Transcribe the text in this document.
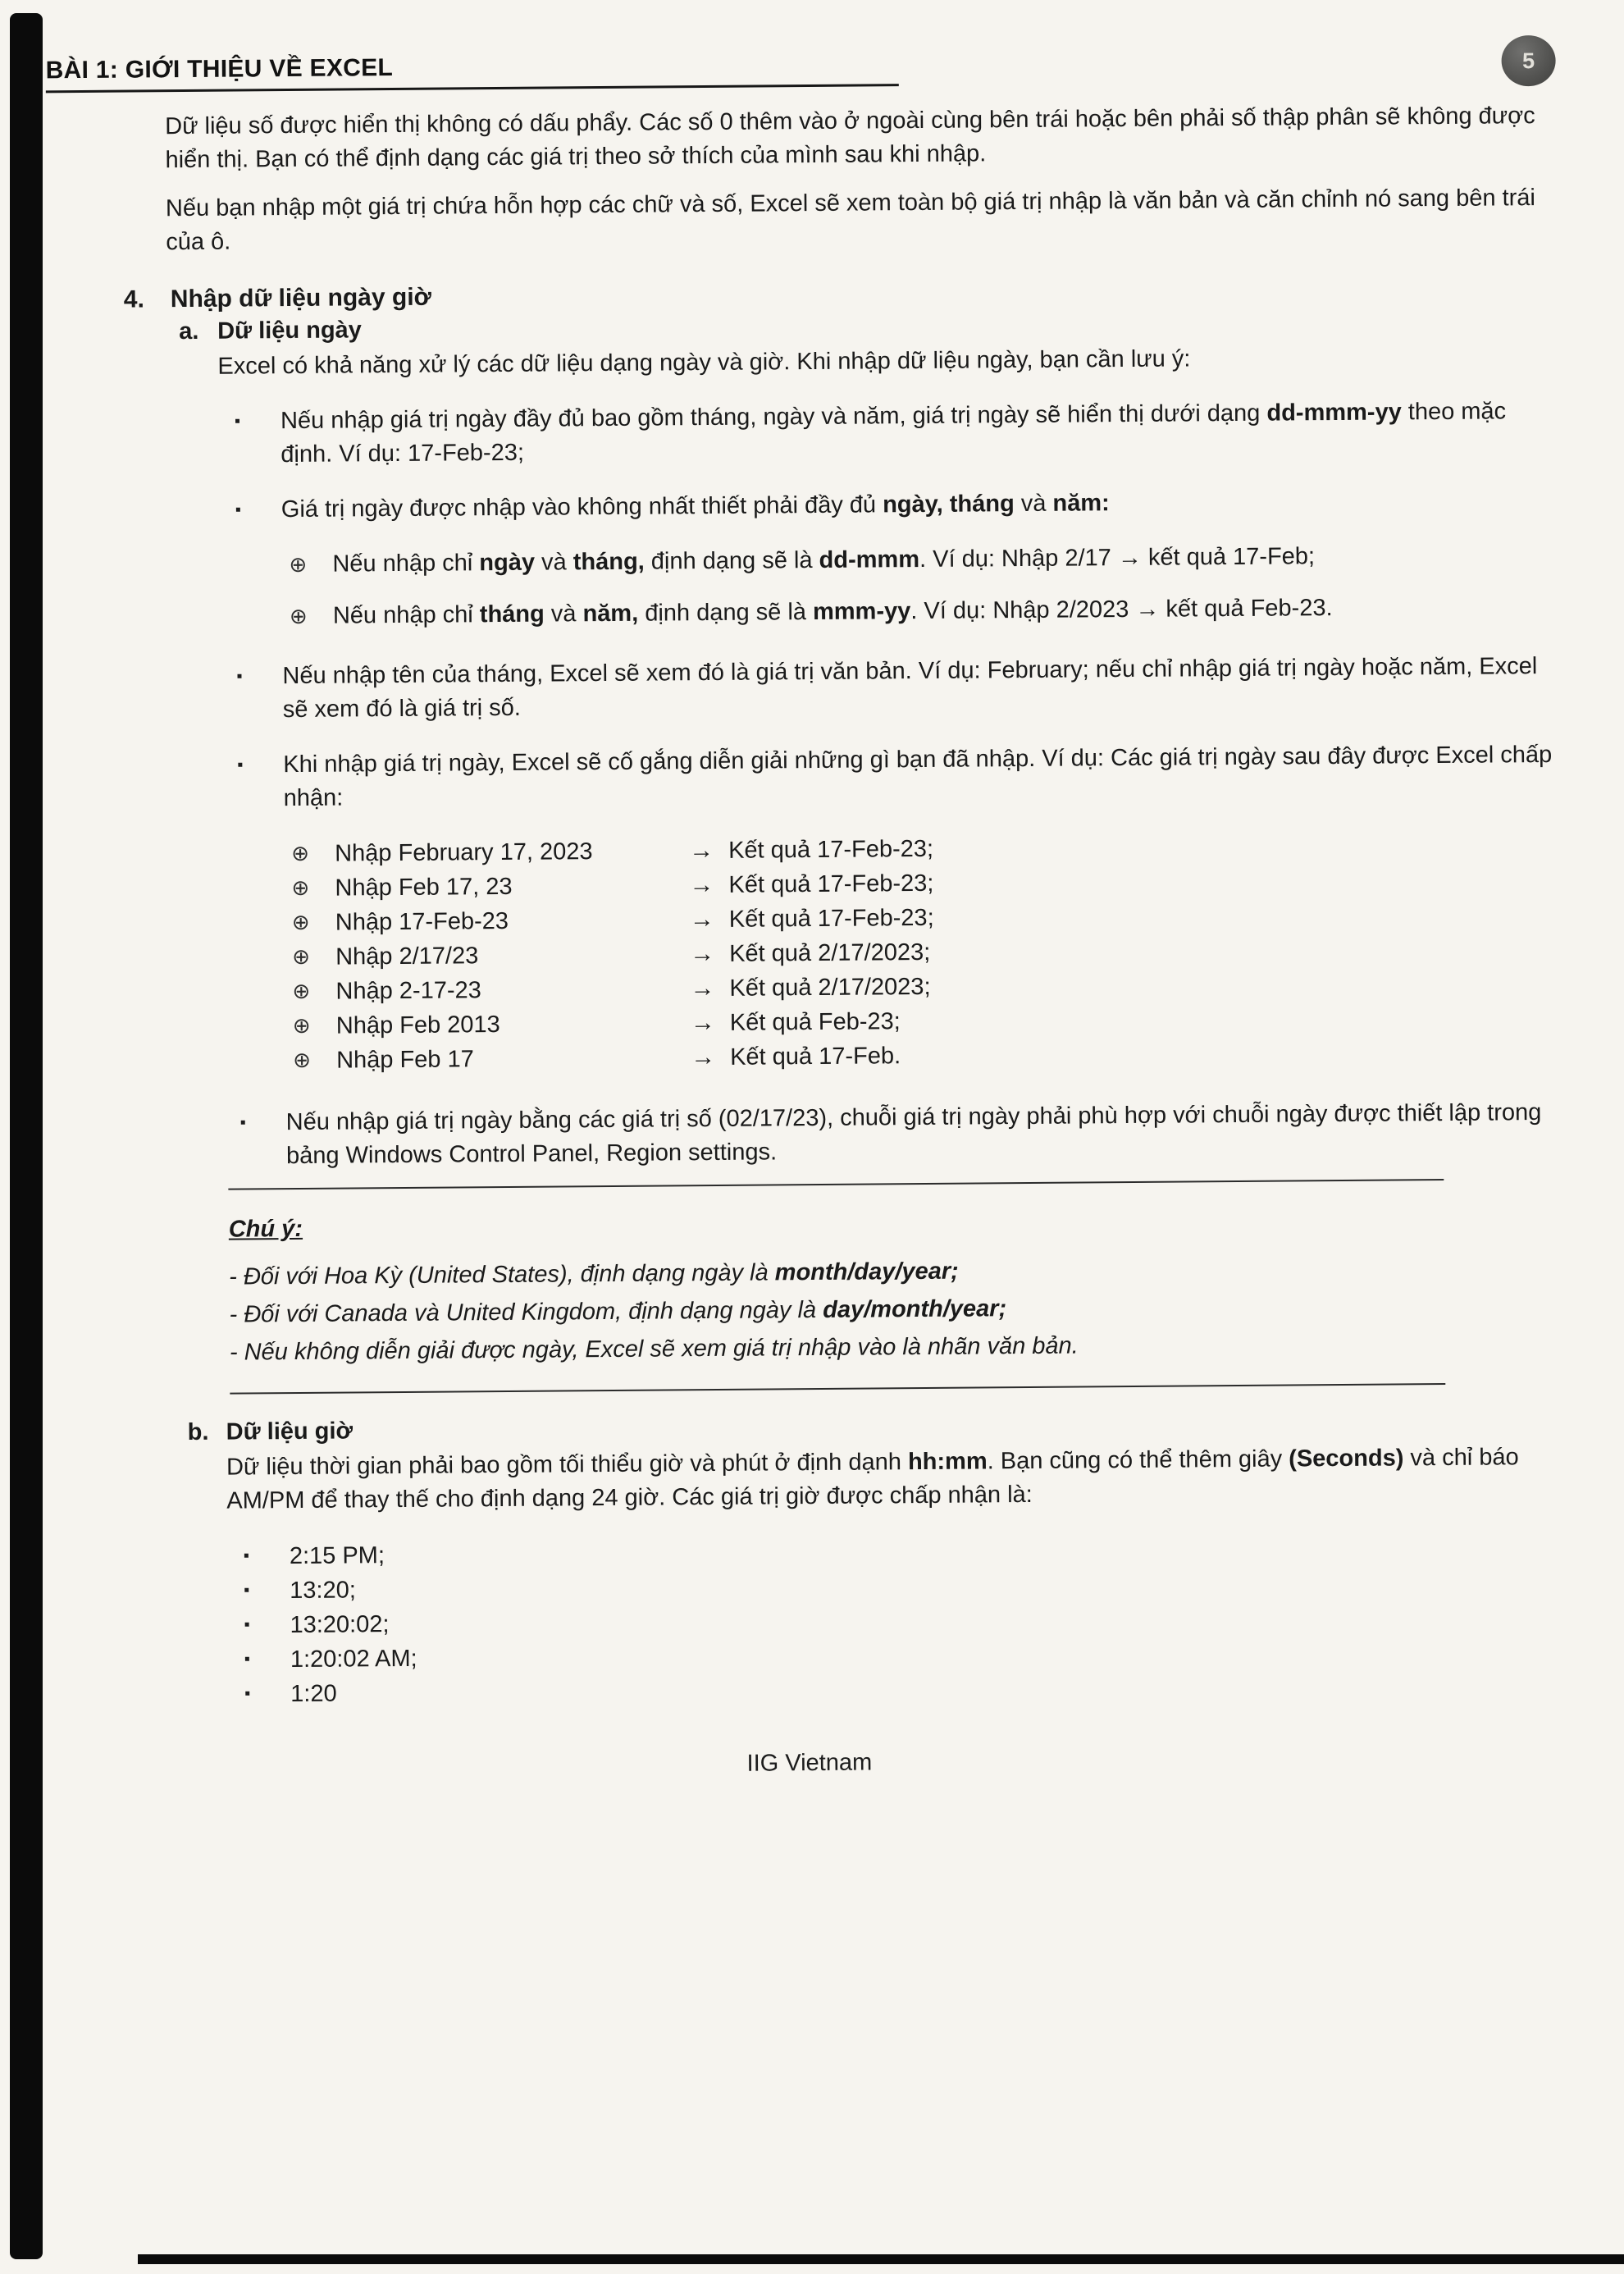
5
BÀI 1: GIỚI THIỆU VỀ EXCEL

Dữ liệu số được hiển thị không có dấu phẩy. Các số 0 thêm vào ở ngoài cùng bên trái hoặc bên phải số thập phân sẽ không được hiển thị. Bạn có thể định dạng các giá trị theo sở thích của mình sau khi nhập.

Nếu bạn nhập một giá trị chứa hỗn hợp các chữ và số, Excel sẽ xem toàn bộ giá trị nhập là văn bản và căn chỉnh nó sang bên trái của ô.

4.	Nhập dữ liệu ngày giờ
a. Dữ liệu ngày

Excel có khả năng xử lý các dữ liệu dạng ngày và giờ. Khi nhập dữ liệu ngày, bạn cần lưu ý:

▪	Nếu nhập giá trị ngày đầy đủ bao gồm tháng, ngày và năm, giá trị ngày sẽ hiển thị dưới dạng dd-mmm-yy theo mặc định. Ví dụ: 17-Feb-23;
▪	Giá trị ngày được nhập vào không nhất thiết phải đầy đủ ngày, tháng và năm:
⊕	Nếu nhập chỉ ngày và tháng, định dạng sẽ là dd-mmm. Ví dụ: Nhập 2/17 → kết quả 17-Feb;
⊕	Nếu nhập chỉ tháng và năm, định dạng sẽ là mmm-yy. Ví dụ: Nhập 2/2023 → kết quả Feb-23.
▪	Nếu nhập tên của tháng, Excel sẽ xem đó là giá trị văn bản. Ví dụ: February; nếu chỉ nhập giá trị ngày hoặc năm, Excel sẽ xem đó là giá trị số.
▪	Khi nhập giá trị ngày, Excel sẽ cố gắng diễn giải những gì bạn đã nhập. Ví dụ: Các giá trị ngày sau đây được Excel chấp nhận:
⊕	Nhập February 17, 2023	→ Kết quả 17-Feb-23;
⊕	Nhập Feb 17, 23	→ Kết quả 17-Feb-23;
⊕	Nhập 17-Feb-23	→ Kết quả 17-Feb-23;
⊕	Nhập 2/17/23	→ Kết quả 2/17/2023;
⊕	Nhập 2-17-23	→ Kết quả 2/17/2023;
⊕	Nhập Feb 2013	→ Kết quả Feb-23;
⊕	Nhập Feb 17	→ Kết quả 17-Feb.
▪	Nếu nhập giá trị ngày bằng các giá trị số (02/17/23), chuỗi giá trị ngày phải phù hợp với chuỗi ngày được thiết lập trong bảng Windows Control Panel, Region settings.
Chú ý:
- Đối với Hoa Kỳ (United States), định dạng ngày là month/day/year;
- Đối với Canada và United Kingdom, định dạng ngày là day/month/year;
- Nếu không diễn giải được ngày, Excel sẽ xem giá trị nhập vào là nhãn văn bản.
b. Dữ liệu giờ

Dữ liệu thời gian phải bao gồm tối thiểu giờ và phút ở định dạnh hh:mm. Bạn cũng có thể thêm giây (Seconds) và chỉ báo AM/PM để thay thế cho định dạng 24 giờ. Các giá trị giờ được chấp nhận là:

▪	2:15 PM;
▪	13:20;
▪	13:20:02;
▪	1:20:02 AM;
▪	1:20
IIG Vietnam
